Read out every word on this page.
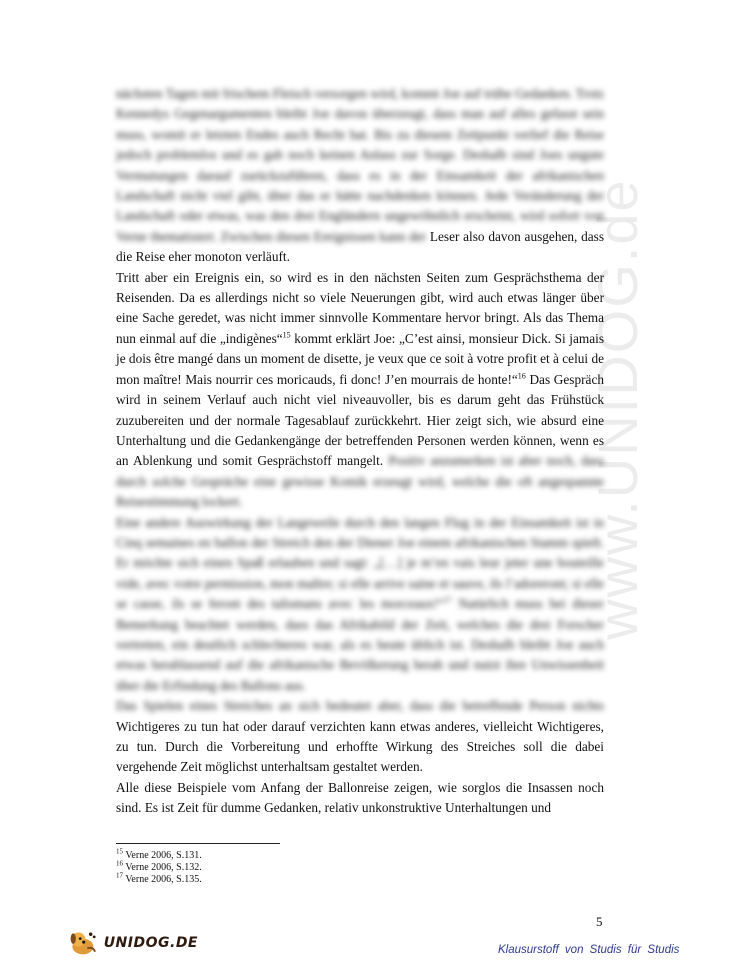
www.UNIDOG.de

nächsten Tagen mit frischem Fleisch versorgen wird, kommt Joe auf trübe Gedanken. Trotz Kennedys Gegenargumenten bleibt Joe davon überzeugt, dass man auf alles gefasst sein muss, womit er letzten Endes auch Recht hat. Bis zu diesem Zeitpunkt verlief die Reise jedoch problemlos und es gab noch keinen Anlass zur Sorge. Deshalb sind Joes ungute Vermutungen darauf zurückzuführen, dass es in der Einsamkeit der afrikanischen Landschaft nicht viel gibt, über das er hätte nachdenken können. Jede Veränderung der Landschaft oder etwas, was den drei Engländern ungewöhnlich erscheint, wird sofort von Verne thematisiert. Zwischen diesen Ereignissen kann der Leser also davon ausgehen, dass die Reise eher monoton verläuft.

Tritt aber ein Ereignis ein, so wird es in den nächsten Seiten zum Gesprächsthema der Reisenden. Da es allerdings nicht so viele Neuerungen gibt, wird auch etwas länger über eine Sache geredet, was nicht immer sinnvolle Kommentare hervor bringt. Als das Thema nun einmal auf die „indigènes“$^{15}$ kommt erklärt Joe: „C’est ainsi, monsieur Dick. Si jamais je dois être mangé dans un moment de disette, je veux que ce soit à votre profit et à celui de mon maître! Mais nourrir ces moricauds, fi donc! J’en mourrais de honte!“$^{16}$ Das Gespräch wird in seinem Verlauf auch nicht viel niveauvoller, bis es darum geht das Frühstück zuzubereiten und der normale Tagesablauf zurückkehrt. Hier zeigt sich, wie absurd eine Unterhaltung und die Gedankengänge der betreffenden Personen werden können, wenn es an Ablenkung und somit Gesprächstoff mangelt. Positiv anzumerken ist aber noch, dass durch solche Gespräche eine gewisse Komik erzeugt wird, welche die oft angespannte Reisestimmung lockert.

Eine andere Auswirkung der Langeweile durch den langen Flug in der Einsamkeit ist in Cinq semaines en ballon der Streich den der Diener Joe einem afrikanischen Stamm spielt. Er möchte sich einen Spaß erlauben und sagt: „[…] je m’en vais leur jeter une bouteille vide, avec votre permission, mon maître; si elle arrive saine et sauve, ils l’adoreront; si elle se casse, ils se feront des talismans avec les morceaux!“$^{17}$ Natürlich muss bei dieser Bemerkung beachtet werden, dass das Afrikabild der Zeit, welches die drei Forscher vertreten, ein deutlich schlechteres war, als es heute üblich ist. Deshalb bleibt Joe auch etwas herablassend auf die afrikanische Bevölkerung herab und nutzt ihre Unwissenheit über die Erfindung des Ballons aus.

Das Spielen eines Streiches an sich bedeutet aber, dass die betreffende Person nichts Wichtigeres zu tun hat oder darauf verzichten kann etwas anderes, vielleicht Wichtigeres, zu tun. Durch die Vorbereitung und erhoffte Wirkung des Streiches soll die dabei vergehende Zeit möglichst unterhaltsam gestaltet werden.

Alle diese Beispiele vom Anfang der Ballonreise zeigen, wie sorglos die Insassen noch sind. Es ist Zeit für dumme Gedanken, relativ unkonstruktive Unterhaltungen und

$^{15}$ Verne 2006, S.131.
$^{16}$ Verne 2006, S.132.
$^{17}$ Verne 2006, S.135.
5
UNIDOG.DE	Klausurstoff von Studis für Studis
